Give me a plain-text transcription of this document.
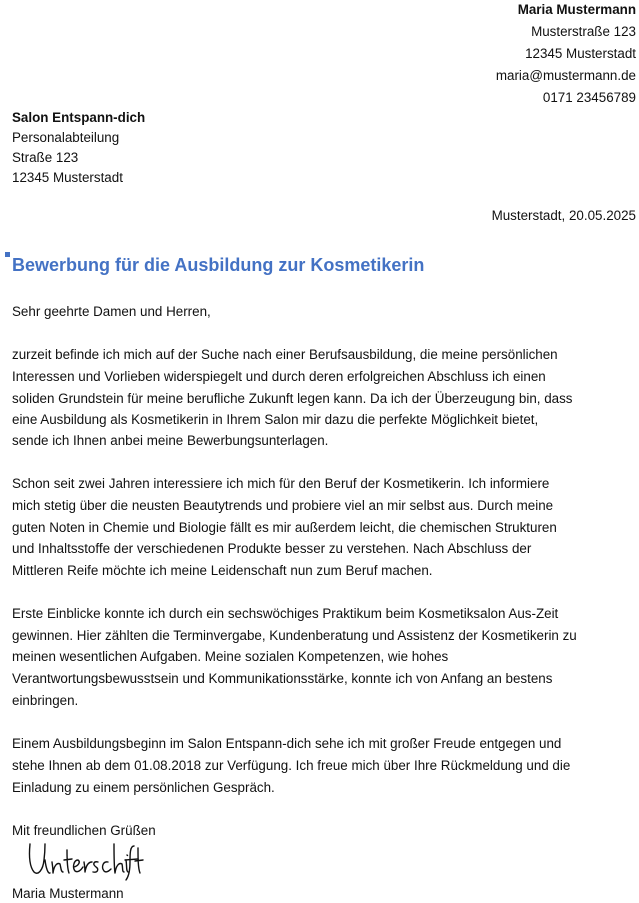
Maria Mustermann
Musterstraße 123
12345 Musterstadt
maria@mustermann.de
0171 23456789
Salon Entspann-dich
Personalabteilung
Straße 123
12345 Musterstadt
Musterstadt, 20.05.2025
Bewerbung für die Ausbildung zur Kosmetikerin
Sehr geehrte Damen und Herren,
zurzeit befinde ich mich auf der Suche nach einer Berufsausbildung, die meine persönlichen
Interessen und Vorlieben widerspiegelt und durch deren erfolgreichen Abschluss ich einen
soliden Grundstein für meine berufliche Zukunft legen kann. Da ich der Überzeugung bin, dass
eine Ausbildung als Kosmetikerin in Ihrem Salon mir dazu die perfekte Möglichkeit bietet,
sende ich Ihnen anbei meine Bewerbungsunterlagen.
Schon seit zwei Jahren interessiere ich mich für den Beruf der Kosmetikerin. Ich informiere
mich stetig über die neusten Beautytrends und probiere viel an mir selbst aus. Durch meine
guten Noten in Chemie und Biologie fällt es mir außerdem leicht, die chemischen Strukturen
und Inhaltsstoffe der verschiedenen Produkte besser zu verstehen. Nach Abschluss der
Mittleren Reife möchte ich meine Leidenschaft nun zum Beruf machen.
Erste Einblicke konnte ich durch ein sechswöchiges Praktikum beim Kosmetiksalon Aus-Zeit
gewinnen. Hier zählten die Terminvergabe, Kundenberatung und Assistenz der Kosmetikerin zu
meinen wesentlichen Aufgaben. Meine sozialen Kompetenzen, wie hohes
Verantwortungsbewusstsein und Kommunikationsstärke, konnte ich von Anfang an bestens
einbringen.
Einem Ausbildungsbeginn im Salon Entspann-dich sehe ich mit großer Freude entgegen und
stehe Ihnen ab dem 01.08.2018 zur Verfügung. Ich freue mich über Ihre Rückmeldung und die
Einladung zu einem persönlichen Gespräch.
Mit freundlichen Grüßen
Maria Mustermann
